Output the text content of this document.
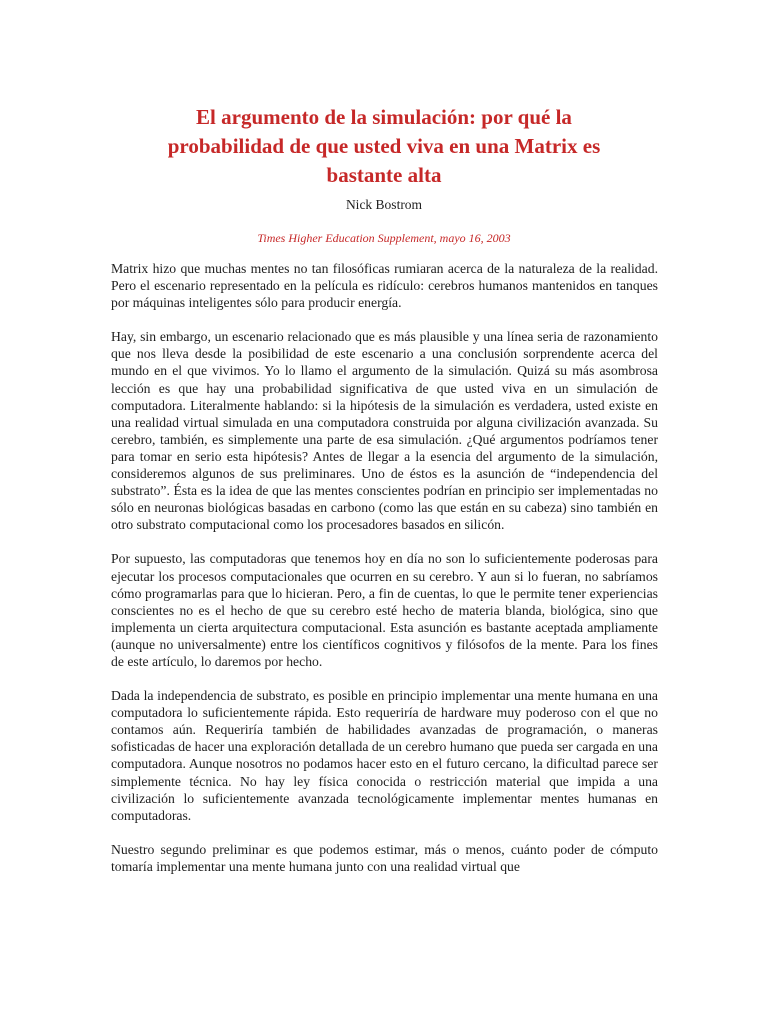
El argumento de la simulación: por qué la
probabilidad de que usted viva en una Matrix es
bastante alta
Nick Bostrom
Times Higher Education Supplement, mayo 16, 2003

Matrix hizo que muchas mentes no tan filosóficas rumiaran acerca de la naturaleza de la realidad. Pero el escenario representado en la película es ridículo: cerebros humanos mantenidos en tanques por máquinas inteligentes sólo para producir energía.

Hay, sin embargo, un escenario relacionado que es más plausible y una línea seria de razonamiento que nos lleva desde la posibilidad de este escenario a una conclusión sorprendente acerca del mundo en el que vivimos. Yo lo llamo el argumento de la simulación. Quizá su más asombrosa lección es que hay una probabilidad significativa de que usted viva en un simulación de computadora. Literalmente hablando: si la hipótesis de la simulación es verdadera, usted existe en una realidad virtual simulada en una computadora construida por alguna civilización avanzada. Su cerebro, también, es simplemente una parte de esa simulación. ¿Qué argumentos podríamos tener para tomar en serio esta hipótesis? Antes de llegar a la esencia del argumento de la simulación, consideremos algunos de sus preliminares. Uno de éstos es la asunción de “independencia del substrato”. Ésta es la idea de que las mentes conscientes podrían en principio ser implementadas no sólo en neuronas biológicas basadas en carbono (como las que están en su cabeza) sino también en otro substrato computacional como los procesadores basados en silicón.

Por supuesto, las computadoras que tenemos hoy en día no son lo suficientemente poderosas para ejecutar los procesos computacionales que ocurren en su cerebro. Y aun si lo fueran, no sabríamos cómo programarlas para que lo hicieran. Pero, a fin de cuentas, lo que le permite tener experiencias conscientes no es el hecho de que su cerebro esté hecho de materia blanda, biológica, sino que implementa un cierta arquitectura computacional. Esta asunción es bastante aceptada ampliamente (aunque no universalmente) entre los científicos cognitivos y filósofos de la mente. Para los fines de este artículo, lo daremos por hecho.

Dada la independencia de substrato, es posible en principio implementar una mente humana en una computadora lo suficientemente rápida. Esto requeriría de hardware muy poderoso con el que no contamos aún. Requeriría también de habilidades avanzadas de programación, o maneras sofisticadas de hacer una exploración detallada de un cerebro humano que pueda ser cargada en una computadora. Aunque nosotros no podamos hacer esto en el futuro cercano, la dificultad parece ser simplemente técnica. No hay ley física conocida o restricción material que impida a una civilización lo suficientemente avanzada tecnológicamente implementar mentes humanas en computadoras.

Nuestro segundo preliminar es que podemos estimar, más o menos, cuánto poder de cómputo tomaría implementar una mente humana junto con una realidad virtual que
